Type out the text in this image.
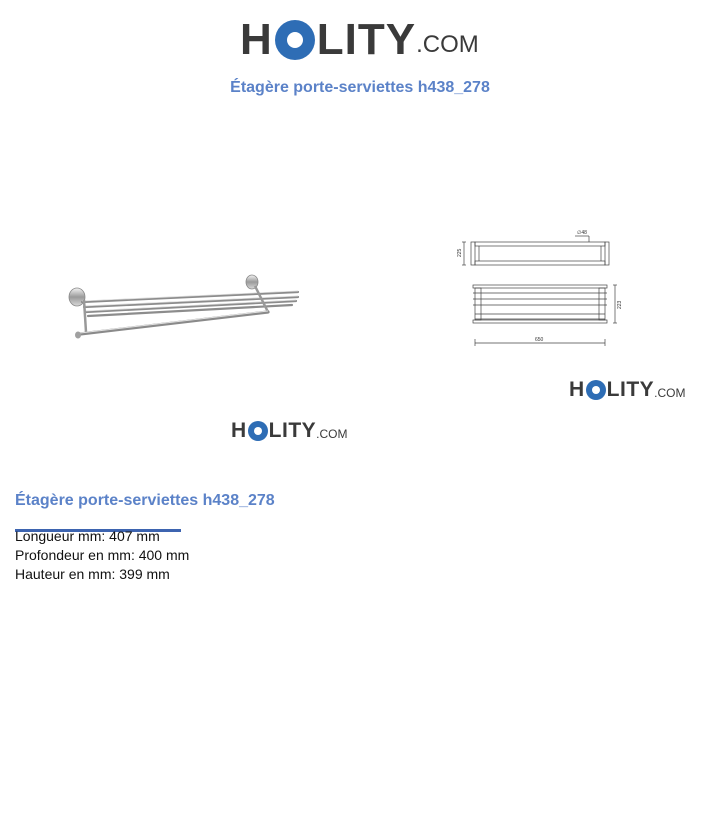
H LITY .COM
Étagère porte-serviettes h438_278
H LITY .COM
∅48
225
223
650
H LITY .COM
Étagère porte-serviettes h438_278
Longueur mm: 407 mm
Profondeur en mm: 400 mm
Hauteur en mm: 399 mm
